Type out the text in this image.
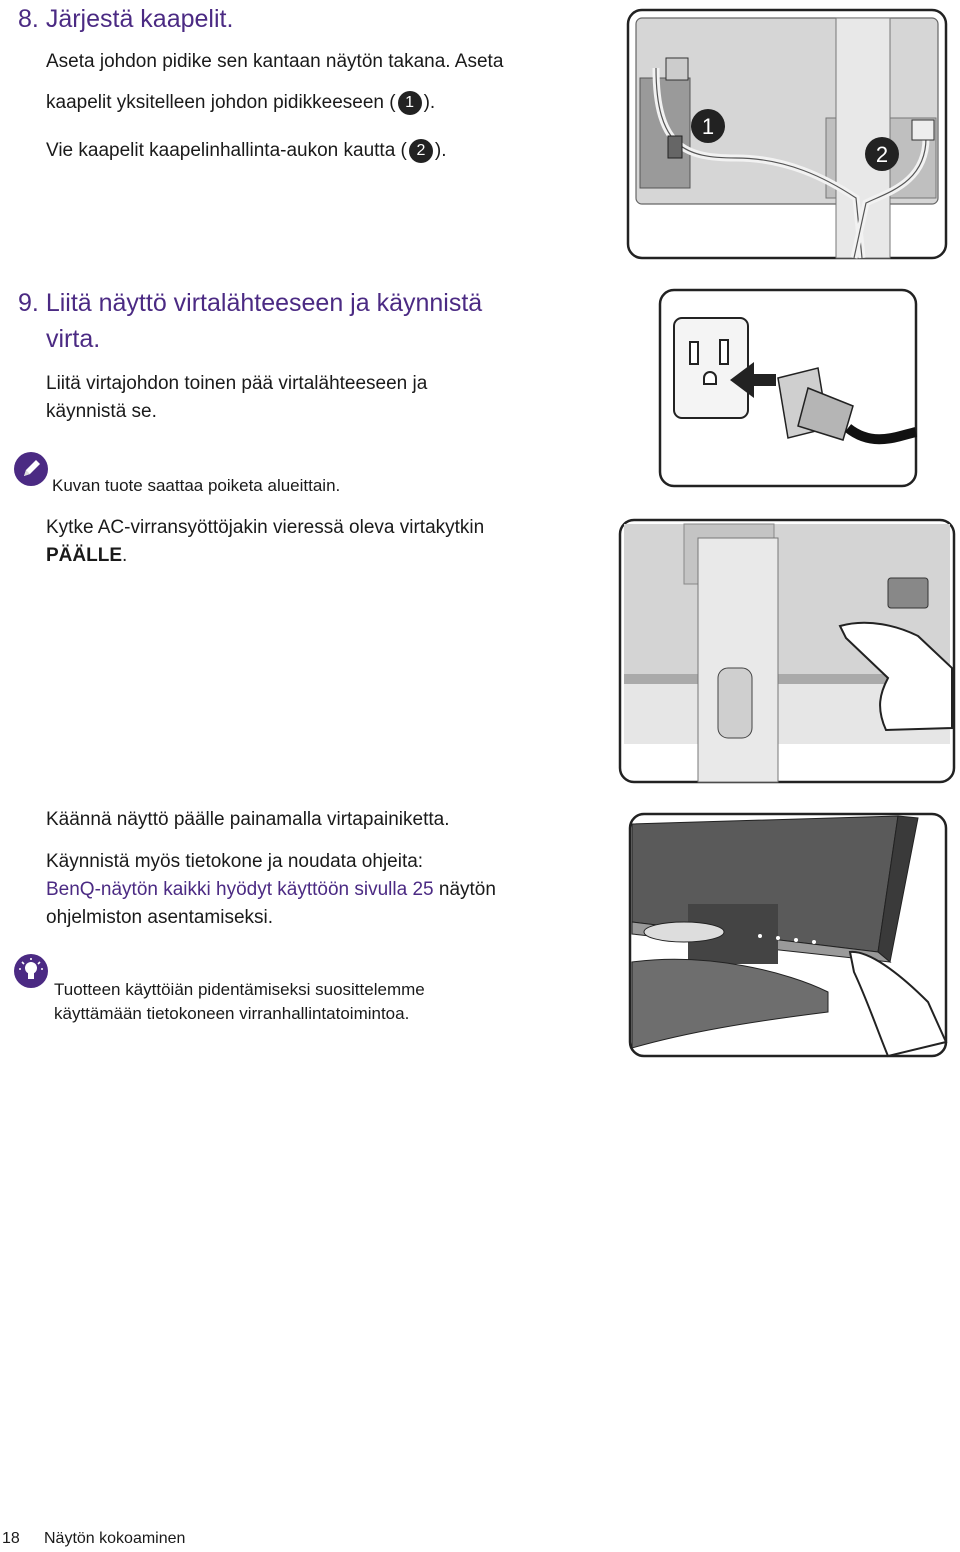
8. Järjestä kaapelit.
Aseta johdon pidike sen kantaan näytön takana. Aseta
kaapelit yksitelleen johdon pidikkeeseen ( 1 ).
Vie kaapelit kaapelinhallinta-aukon kautta ( 2 ).
1
2
9. Liitä näyttö virtalähteeseen ja käynnistä
virta.
Liitä virtajohdon toinen pää virtalähteeseen ja
käynnistä se.
Kuvan tuote saattaa poiketa alueittain.
Kytke AC-virransyöttöjakin vieressä oleva virtakytkin
PÄÄLLE.
Käännä näyttö päälle painamalla virtapainiketta.
Käynnistä myös tietokone ja noudata ohjeita:
BenQ-näytön kaikki hyödyt käyttöön sivulla 25 näytön
ohjelmiston asentamiseksi.
Tuotteen käyttöiän pidentämiseksi suosittelemme
käyttämään tietokoneen virranhallintatoimintoa.
18 Näytön kokoaminen
